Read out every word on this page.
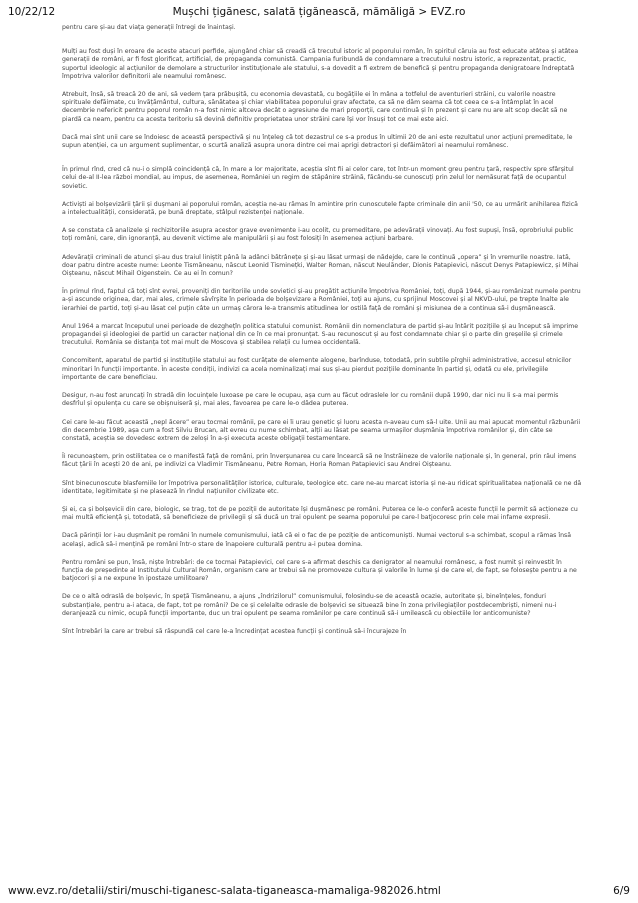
10/22/12	Mușchi țigănesc, salată țigănească, mămăligă > EVZ.ro

pentru care și-au dat viața generații întregi de înaintași.

Mulți au fost duși în eroare de aceste atacuri perfide, ajungând chiar să creadă că trecutul istoric al poporului român, în spiritul căruia au fost educate atâtea și atâtea generații de români, ar fi fost glorificat, artificial, de propaganda comunistă. Campania furibundă de condamnare a trecutului nostru istoric, a reprezentat, practic, suportul ideologic al acțiunilor de demolare a structurilor instituționale ale statului, s-a dovedit a fi extrem de benefică și pentru propaganda denigratoare îndreptată împotriva valorilor definitorii ale neamului românesc.

Atrebuit, însă, să treacă 20 de ani, să vedem țara prăbușită, cu economia devastată, cu bogățiile ei în mâna a totfelul de aventurieri străini, cu valorile noastre spirituale defăimate, cu învățământul, cultura, sănătatea și chiar viabilitatea poporului grav afectate, ca să ne dăm seama că tot ceea ce s-a întâmplat în acel decembrie nefericit pentru poporul român n-a fost nimic altceva decât o agresiune de mari proporții, care continuă și în prezent și care nu are alt scop decât să ne piardă ca neam, pentru ca acesta teritoriu să devină definitiv proprietatea unor străini care își vor însuși tot ce mai este aici.

Dacă mai sînt unii care se îndoiesc de această perspectivă și nu înțeleg că tot dezastrul ce s-a produs în ultimii 20 de ani este rezultatul unor acțiuni premeditate, le supun atenției, ca un argument suplimentar, o scurtă analiză asupra unora dintre cei mai aprigi detractori și defăimători ai neamului românesc.

În primul rînd, cred că nu-i o simplă coincidență că, în mare a lor majoritate, aceștia sînt fii ai celor care, tot într-un moment greu pentru țară, respectiv spre sfârșitul celui de-al II-lea război mondial, au impus, de asemenea, României un regim de stăpânire străină, făcându-se cunoscuți prin zelul lor nemăsurat față de ocupantul sovietic.

Activiști ai bolșevizării țării și dușmani ai poporului român, aceștia ne-au rămas în amintire prin cunoscutele fapte criminale din anii '50, ce au urmărit anihilarea fizică a intelectualității, considerată, pe bună dreptate, stâlpul rezistenței naționale.

A se constata că analizele și rechizitoriile asupra acestor grave evenimente i-au ocolit, cu premeditare, pe adevărații vinovați. Au fost supuși, însă, oprobriului public toți români, care, din ignoranță, au devenit victime ale manipulării și au fost folosiți în asemenea acțiuni barbare.

Adevărații criminali de atunci și-au dus traiul liniștit până la adânci bătrânețe și și-au lăsat urmași de nădejde, care le continuă „opera” și în vremurile noastre. Iată, doar patru dintre aceste nume: Leonte Tismăneanu, născut Leonid Tisminețki, Walter Roman, născut Neulănder, Dionis Patapievici, născut Denys Patapiewicz, și Mihai Oișteanu, născut Mihail Oigenstein. Ce au ei în comun?

În primul rînd, faptul că toți sînt evrei, proveniți din teritoriile unde sovietici și-au pregătit acțiunile împotriva României, toți, după 1944, și-au românizat numele pentru a-și ascunde originea, dar, mai ales, crimele săvîrșite în perioada de bolșevizare a României, toți au ajuns, cu sprijinul Moscovei și al NKVD-ului, pe trepte înalte ale ierarhiei de partid, toți și-au lăsat cel puțin câte un urmaș cărora le-a transmis atitudinea lor ostilă față de români și misiunea de a continua să-i dușmănească.

Anul 1964 a marcat începutul unei perioade de dezghețîn politica statului comunist. Românii din nomenclatura de partid și-au întărit pozițiile și au început să imprime propagandei și ideologiei de partid un caracter național din ce în ce mai pronunțat. S-au recunoscut și au fost condamnate chiar și o parte din greșelile și crimele trecutului. România se distanța tot mai mult de Moscova și stabilea relații cu lumea occidentală.

Concomitent, aparatul de partid și instituțiile statului au fost curățate de elemente alogene, barînduse, totodată, prin subtile pîrghii administrative, accesul etnicilor minoritari în funcții importante. În aceste condiții, indivizi ca acela nominalizați mai sus și-au pierdut pozițiile dominante în partid și, odată cu ele, privilegiile importante de care beneficiau.

Desigur, n-au fost aruncați în stradă din locuințele luxoase pe care le ocupau, așa cum au făcut odraslele lor cu românii după 1990, dar nici nu li s-a mai permis desfrîul și opulența cu care se obișnuiseră și, mai ales, favoarea pe care le-o dădea puterea.

Cei care le-au făcut această „nepl ăcere” erau tocmai românii, pe care ei îi urau genetic și luoru acesta n-aveau cum să-l uite. Unii au mai apucat momentul răzbunării din decembrie 1989, așa cum a fost Silviu Brucan, alt evreu cu nume schimbat, alții au lăsat pe seama urmașilor dușmănia împotriva românilor și, din câte se constată, aceștia se dovedesc extrem de zeloși în a-și executa aceste obligații testamentare.

Îi recunoaștem, prin ostilitatea ce o manifestă față de români, prin înverșunarea cu care încearcă să ne înstrăineze de valorile naționale și, în general, prin răul imens făcut țării în acești 20 de ani, pe indivizi ca Vladimir Tismăneanu, Petre Roman, Horia Roman Patapievici sau Andrei Oișteanu.

Sînt binecunoscute blasfemiile lor împotriva personalităților istorice, culturale, teologice etc. care ne-au marcat istoria și ne-au ridicat spiritualitatea națională ce ne dă identitate, legitimitate și ne plasează în rîndul națiunilor civilizate etc.

Și ei, ca și bolșevicii din care, biologic, se trag, tot de pe poziții de autoritate își dușmănesc pe români. Puterea ce le-o conferă aceste funcții le permit să acționeze cu mai multă eficiență și, totodată, să beneficieze de privilegii și să ducă un trai opulent pe seama poporului pe care-l batjocoresc prin cele mai infame expresii.

Dacă părinții lor i-au dușmănit pe români în numele comunismului, iată că ei o fac de pe poziție de anticomuniști. Numai vectorul s-a schimbat, scopul a rămas însă același, adică să-i mențină pe români într-o stare de înapoiere culturală pentru a-i putea domina.

Pentru români se pun, însă, niște întrebări: de ce tocmai Patapievici, cel care s-a afirmat deschis ca denigrator al neamului românesc, a fost numit și reinvestit în funcția de președinte al Institutului Cultural Român, organism care ar trebui să ne promoveze cultura și valorile în lume și de care el, de fapt, se folosește pentru a ne batjocori și a ne expune în ipostaze umilitoare?

De ce o altă odraslă de bolșevic, în speță Tismăneanu, a ajuns „îndrizilorul” comunismului, folosindu-se de această ocazie, autoritate și, bineînțeles, fonduri substanțiale, pentru a-i ataca, de fapt, tot pe români? De ce și celelalte odrasle de bolșevici se situează bine în zona privilegiaților postdecembriști, nimeni nu-i deranjează cu nimic, ocupă funcții importante, duc un trai opulent pe seama românilor pe care continuă să-i umilească cu obiectiile lor anticomuniste?

Sînt întrebări la care ar trebui să răspundă cel care le-a încredințat acestea funcții și continuă să-i încurajeze în

www.evz.ro/detalii/stiri/muschi-tiganesc-salata-tiganeasca-mamaliga-982026.html	6/9
